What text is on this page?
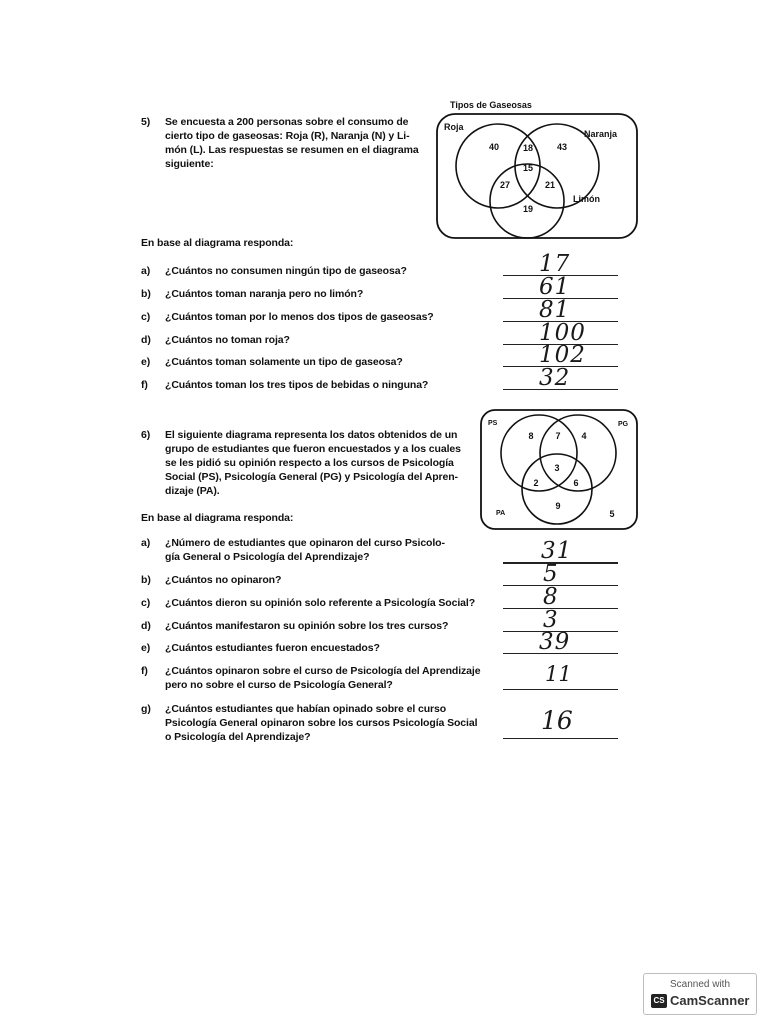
5) Se encuesta a 200 personas sobre el consumo de
cierto tipo de gaseosas: Roja (R), Naranja (N) y Li-
món (L). Las respuestas se resumen en el diagrama
siguiente:
Tipos de Gaseosas
Roja
Naranja
Limón
40	18	43
15
27	21
19
En base al diagrama responda:
a) ¿Cuántos no consumen ningún tipo de gaseosa?	17
b) ¿Cuántos toman naranja pero no limón?	61
c) ¿Cuántos toman por lo menos dos tipos de gaseosas?	81
d) ¿Cuántos no toman roja?	100
e) ¿Cuántos toman solamente un tipo de gaseosa?	102
f) ¿Cuántos toman los tres tipos de bebidas o ninguna?	32
6) El siguiente diagrama representa los datos obtenidos de un
grupo de estudiantes que fueron encuestados y a los cuales
se les pidió su opinión respecto a los cursos de Psicología
Social (PS), Psicología General (PG) y Psicología del Apren-
dizaje (PA).
PS	PG
PA
8 7 4
3
2	6
9
5
En base al diagrama responda:
a) ¿Número de estudiantes que opinaron del curso Psicolo-
gía General o Psicología del Aprendizaje?	31
b) ¿Cuántos no opinaron?	5
c) ¿Cuántos dieron su opinión solo referente a Psicología Social?	8
d) ¿Cuántos manifestaron su opinión sobre los tres cursos?	3
e) ¿Cuántos estudiantes fueron encuestados?	39
f) ¿Cuántos opinaron sobre el curso de Psicología del Aprendizaje
pero no sobre el curso de Psicología General?	11
g) ¿Cuántos estudiantes que habían opinado sobre el curso
Psicología General opinaron sobre los cursos Psicología Social
o Psicología del Aprendizaje?
16
Scanned with
CS CamScanner
